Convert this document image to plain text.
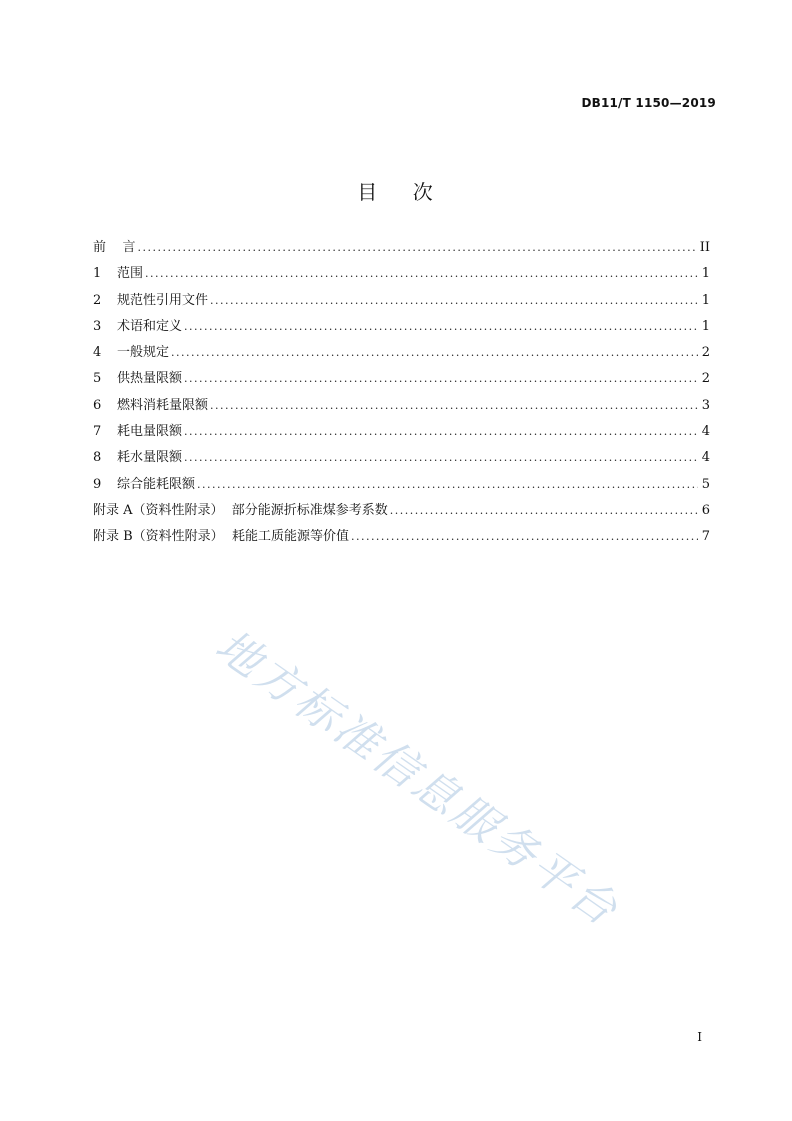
DB11/T 1150—2019
目    次
前    言 .....	II
1	范围 .....	1
2	规范性引用文件 .....	1
3	术语和定义 .....	1
4	一般规定 .....	2
5	供热量限额 .....	2
6	燃料消耗量限额 .....	3
7	耗电量限额 .....	4
8	耗水量限额 .....	4
9	综合能耗限额 .....	5
附录 A（资料性附录）  部分能源折标准煤参考系数 .....	6
附录 B（资料性附录）  耗能工质能源等价值 .....	7
地方标准信息服务平台
I
